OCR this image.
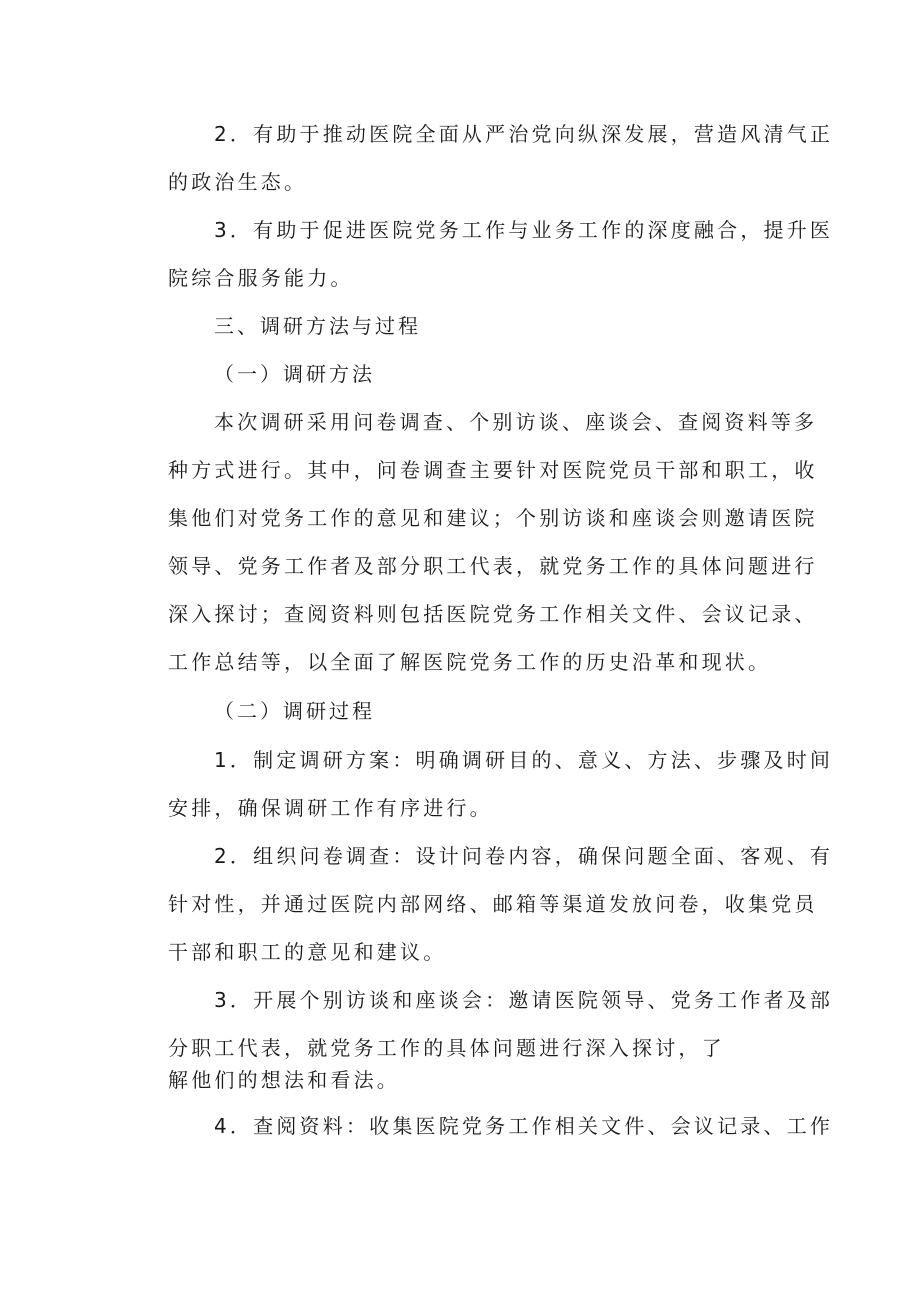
2．有助于推动医院全面从严治党向纵深发展，营造风清气正
的政治生态。
3．有助于促进医院党务工作与业务工作的深度融合，提升医
院综合服务能力。
三、调研方法与过程
（一）调研方法
本次调研采用问卷调查、个别访谈、座谈会、查阅资料等多
种方式进行。其中，问卷调查主要针对医院党员干部和职工，收
集他们对党务工作的意见和建议；个别访谈和座谈会则邀请医院
领导、党务工作者及部分职工代表，就党务工作的具体问题进行
深入探讨；查阅资料则包括医院党务工作相关文件、会议记录、
工作总结等，以全面了解医院党务工作的历史沿革和现状。
（二）调研过程
1．制定调研方案：明确调研目的、意义、方法、步骤及时间
安排，确保调研工作有序进行。
2．组织问卷调查：设计问卷内容，确保问题全面、客观、有
针对性，并通过医院内部网络、邮箱等渠道发放问卷，收集党员
干部和职工的意见和建议。
3．开展个别访谈和座谈会：邀请医院领导、党务工作者及部
分职工代表，就党务工作的具体问题进行深入探讨，了
解他们的想法和看法。
4．查阅资料：收集医院党务工作相关文件、会议记录、工作
